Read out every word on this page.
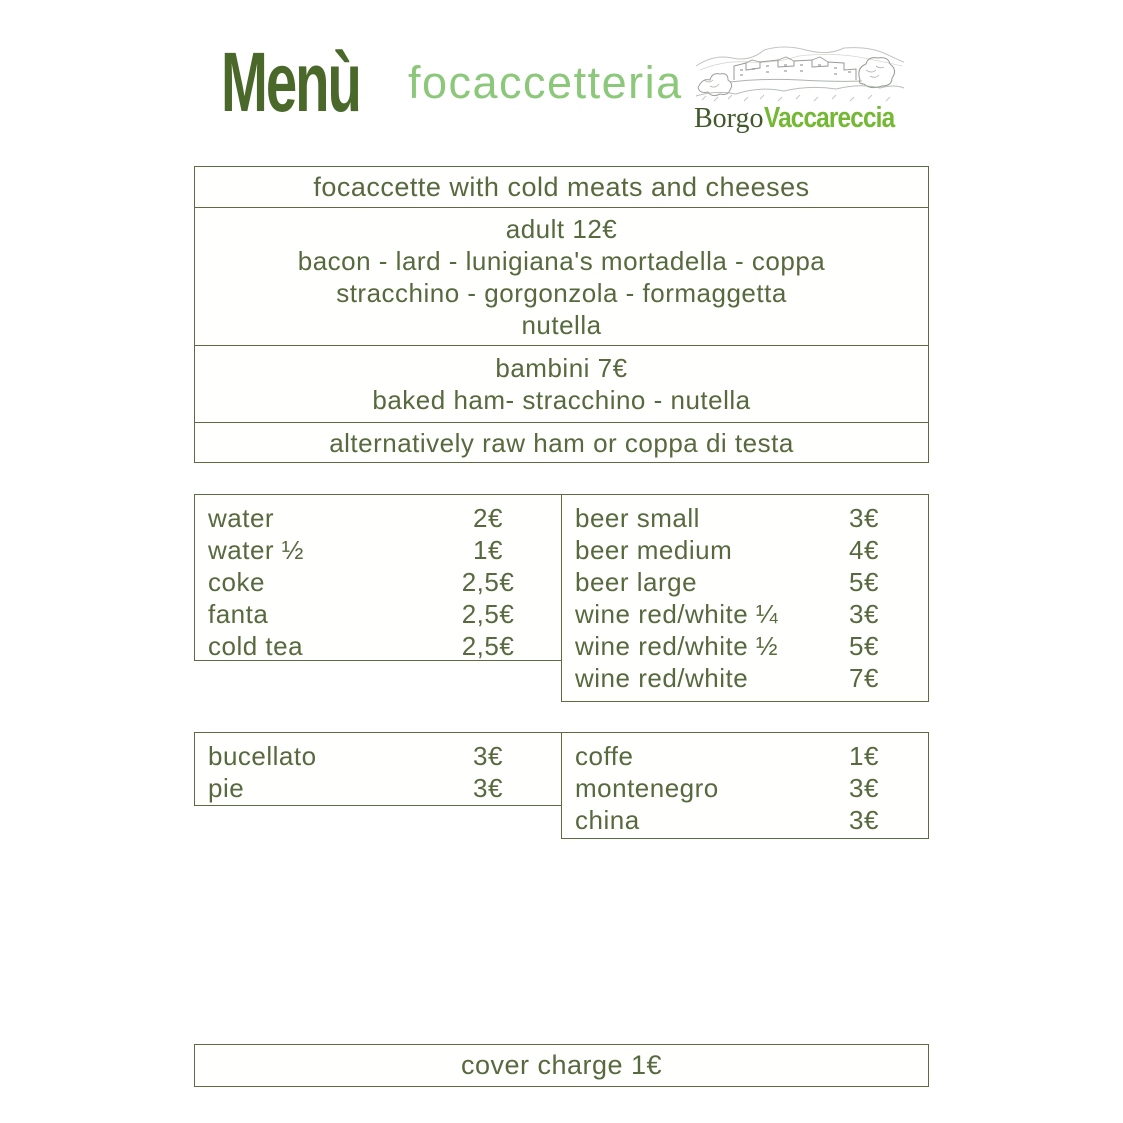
Menù focaccetteria
BorgoVaccareccia
focaccette with cold meats and cheeses
adult 12€
bacon - lard - lunigiana's mortadella - coppa
stracchino - gorgonzola - formaggetta
nutella
bambini 7€
baked ham- stracchino - nutella
alternatively raw ham or coppa di testa
water	2€
water ½	1€
coke	2,5€
fanta	2,5€
cold tea	2,5€
beer small	3€
beer medium	4€
beer large	5€
wine red/white ¼	3€
wine red/white ½	5€
wine red/white	7€
bucellato	3€
pie	3€
coffe	1€
montenegro	3€
china	3€
cover charge 1€
